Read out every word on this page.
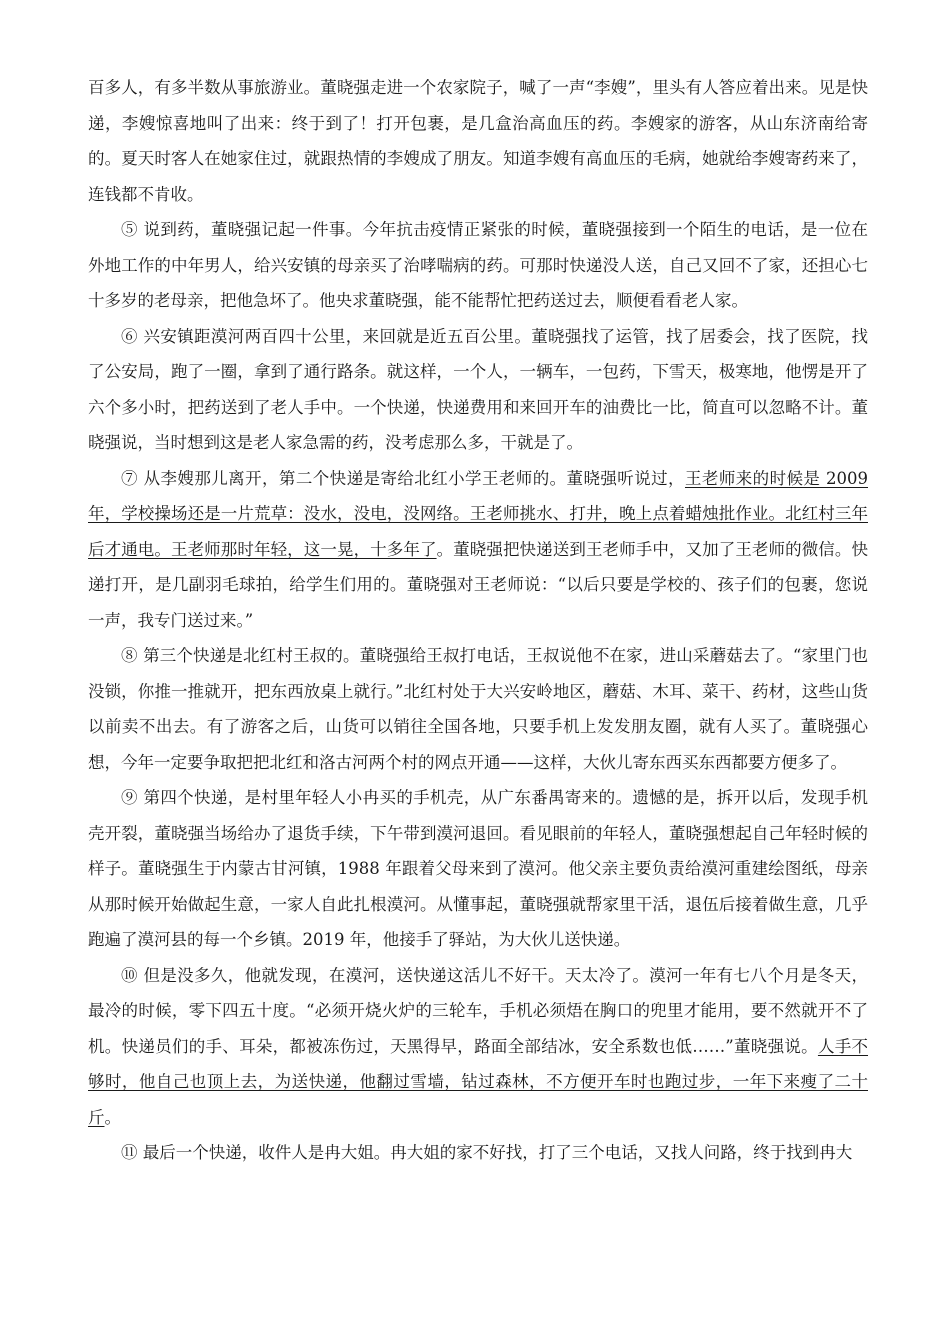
百多人，有多半数从事旅游业。董晓强走进一个农家院子，喊了一声“李嫂”，里头有人答应着出来。见是快递，李嫂惊喜地叫了出来：终于到了！打开包裹，是几盒治高血压的药。李嫂家的游客，从山东济南给寄的。夏天时客人在她家住过，就跟热情的李嫂成了朋友。知道李嫂有高血压的毛病，她就给李嫂寄药来了，连钱都不肯收。

⑤ 说到药，董晓强记起一件事。今年抗击疫情正紧张的时候，董晓强接到一个陌生的电话，是一位在外地工作的中年男人，给兴安镇的母亲买了治哮喘病的药。可那时快递没人送，自己又回不了家，还担心七十多岁的老母亲，把他急坏了。他央求董晓强，能不能帮忙把药送过去，顺便看看老人家。

⑥ 兴安镇距漠河两百四十公里，来回就是近五百公里。董晓强找了运管，找了居委会，找了医院，找了公安局，跑了一圈，拿到了通行路条。就这样，一个人，一辆车，一包药，下雪天，极寒地，他愣是开了六个多小时，把药送到了老人手中。一个快递，快递费用和来回开车的油费比一比，简直可以忽略不计。董晓强说，当时想到这是老人家急需的药，没考虑那么多，干就是了。

⑦ 从李嫂那儿离开，第二个快递是寄给北红小学王老师的。董晓强听说过，王老师来的时候是 2009 年，学校操场还是一片荒草：没水，没电，没网络。王老师挑水、打井，晚上点着蜡烛批作业。北红村三年后才通电。王老师那时年轻，这一晃，十多年了。董晓强把快递送到王老师手中，又加了王老师的微信。快递打开，是几副羽毛球拍，给学生们用的。董晓强对王老师说：“以后只要是学校的、孩子们的包裹，您说一声，我专门送过来。”

⑧ 第三个快递是北红村王叔的。董晓强给王叔打电话，王叔说他不在家，进山采蘑菇去了。“家里门也没锁，你推一推就开，把东西放桌上就行。”北红村处于大兴安岭地区，蘑菇、木耳、菜干、药材，这些山货以前卖不出去。有了游客之后，山货可以销往全国各地，只要手机上发发朋友圈，就有人买了。董晓强心想，今年一定要争取把把北红和洛古河两个村的网点开通——这样，大伙儿寄东西买东西都要方便多了。

⑨ 第四个快递，是村里年轻人小冉买的手机壳，从广东番禺寄来的。遗憾的是，拆开以后，发现手机壳开裂，董晓强当场给办了退货手续，下午带到漠河退回。看见眼前的年轻人，董晓强想起自己年轻时候的样子。董晓强生于内蒙古甘河镇，1988 年跟着父母来到了漠河。他父亲主要负责给漠河重建绘图纸，母亲从那时候开始做起生意，一家人自此扎根漠河。从懂事起，董晓强就帮家里干活，退伍后接着做生意，几乎跑遍了漠河县的每一个乡镇。2019 年，他接手了驿站，为大伙儿送快递。

⑩ 但是没多久，他就发现，在漠河，送快递这活儿不好干。天太冷了。漠河一年有七八个月是冬天，最冷的时候，零下四五十度。“必须开烧火炉的三轮车，手机必须焐在胸口的兜里才能用，要不然就开不了机。快递员们的手、耳朵，都被冻伤过，天黑得早，路面全部结冰，安全系数也低……”董晓强说。人手不够时，他自己也顶上去，为送快递，他翻过雪墙，钻过森林，不方便开车时也跑过步，一年下来瘦了二十斤。

⑪ 最后一个快递，收件人是冉大姐。冉大姐的家不好找，打了三个电话，又找人问路，终于找到冉大
